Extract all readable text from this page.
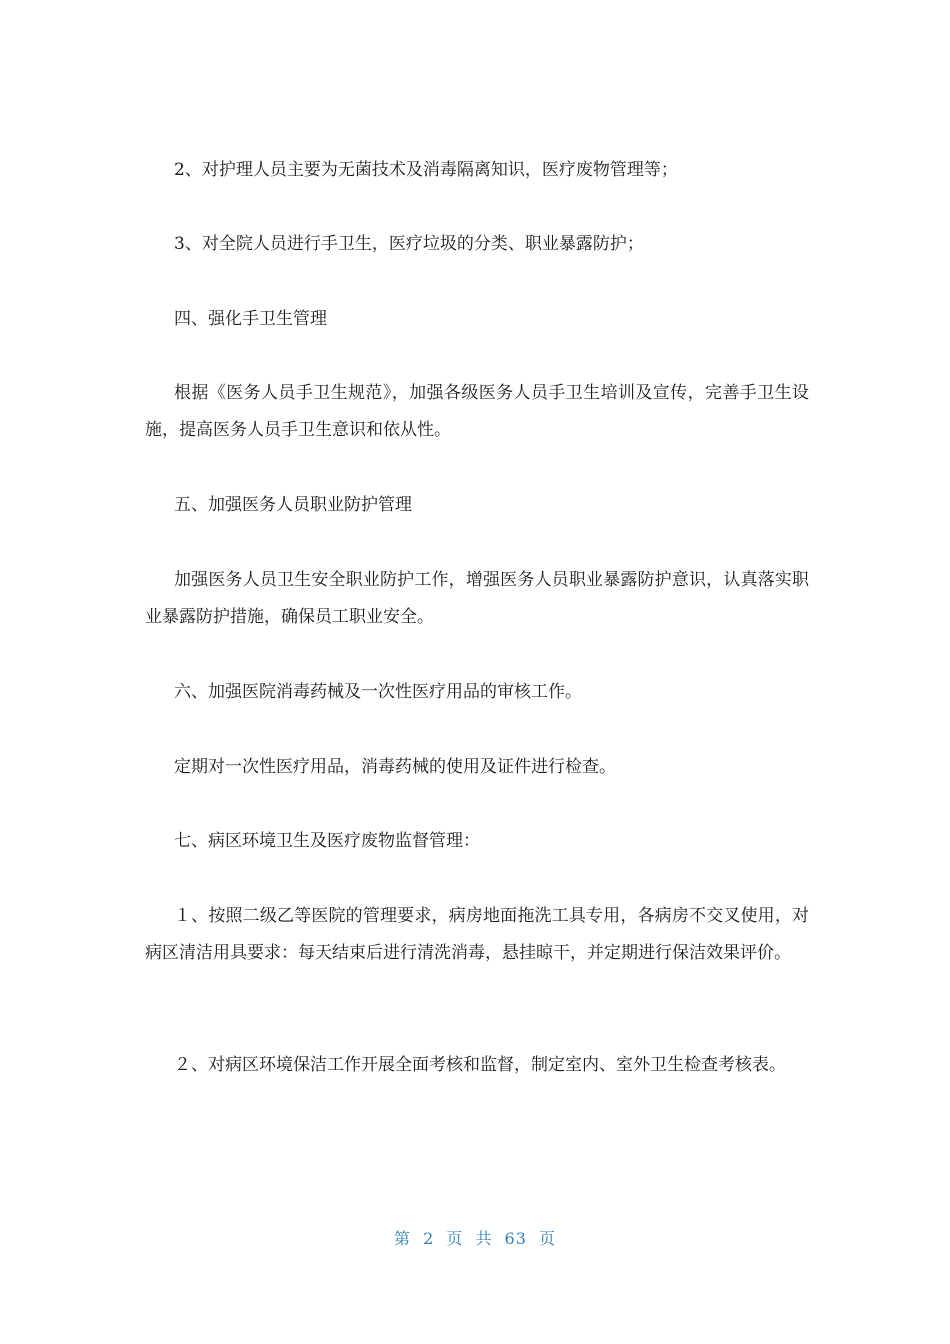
2、对护理人员主要为无菌技术及消毒隔离知识，医疗废物管理等；

3、对全院人员进行手卫生，医疗垃圾的分类、职业暴露防护；

四、强化手卫生管理

根据《医务人员手卫生规范》，加强各级医务人员手卫生培训及宣传，完善手卫生设施，提高医务人员手卫生意识和依从性。

五、加强医务人员职业防护管理

加强医务人员卫生安全职业防护工作，增强医务人员职业暴露防护意识，认真落实职业暴露防护措施，确保员工职业安全。

六、加强医院消毒药械及一次性医疗用品的审核工作。

定期对一次性医疗用品，消毒药械的使用及证件进行检查。

七、病区环境卫生及医疗废物监督管理：

１、按照二级乙等医院的管理要求，病房地面拖洗工具专用，各病房不交叉使用，对病区清洁用具要求：每天结束后进行清洗消毒，悬挂晾干，并定期进行保洁效果评价。

２、对病区环境保洁工作开展全面考核和监督，制定室内、室外卫生检查考核表。

第 2 页 共 63 页
